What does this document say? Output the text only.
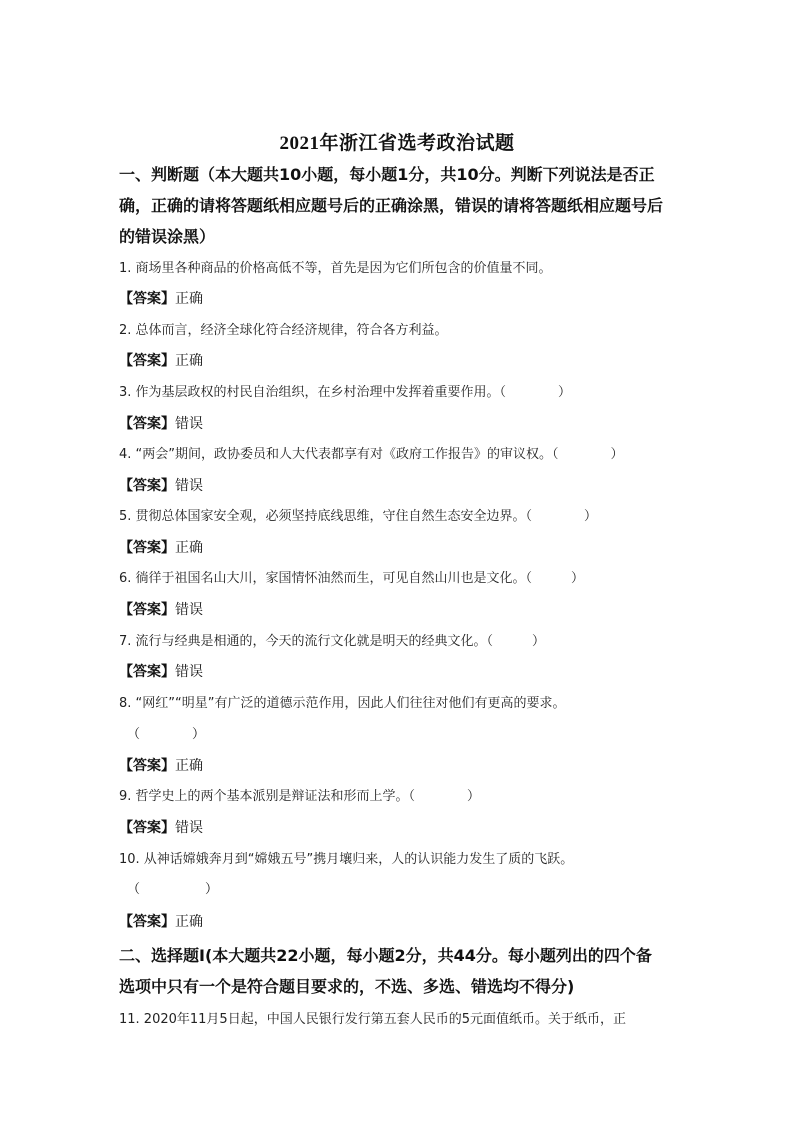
2021年浙江省选考政治试题
一、判断题（本大题共10小题，每小题1分，共10分。判断下列说法是否正
确，正确的请将答题纸相应题号后的正确涂黑，错误的请将答题纸相应题号后
的错误涂黑）
1. 商场里各种商品的价格高低不等，首先是因为它们所包含的价值量不同。
【答案】正确
2. 总体而言，经济全球化符合经济规律，符合各方利益。
【答案】正确
3. 作为基层政权的村民自治组织，在乡村治理中发挥着重要作用。（　　　　）
【答案】错误
4. “两会”期间，政协委员和人大代表都享有对《政府工作报告》的审议权。（　　　　）
【答案】错误
5. 贯彻总体国家安全观，必须坚持底线思维，守住自然生态安全边界。（　　　　）
【答案】正确
6. 徜徉于祖国名山大川，家国情怀油然而生，可见自然山川也是文化。（　　　）
【答案】错误
7. 流行与经典是相通的，今天的流行文化就是明天的经典文化。（　　　）
【答案】错误
8. “网红”“明星”有广泛的道德示范作用，因此人们往往对他们有更高的要求。
（　　　　）
【答案】正确
9. 哲学史上的两个基本派别是辩证法和形而上学。（　　　　）
【答案】错误
10. 从神话嫦娥奔月到“嫦娥五号”携月壤归来，人的认识能力发生了质的飞跃。
（　　　　　）
【答案】正确
二、选择题Ⅰ(本大题共22小题，每小题2分，共44分。每小题列出的四个备
选项中只有一个是符合题目要求的，不选、多选、错选均不得分)
11. 2020年11月5日起，中国人民银行发行第五套人民币的5元面值纸币。关于纸币，正
